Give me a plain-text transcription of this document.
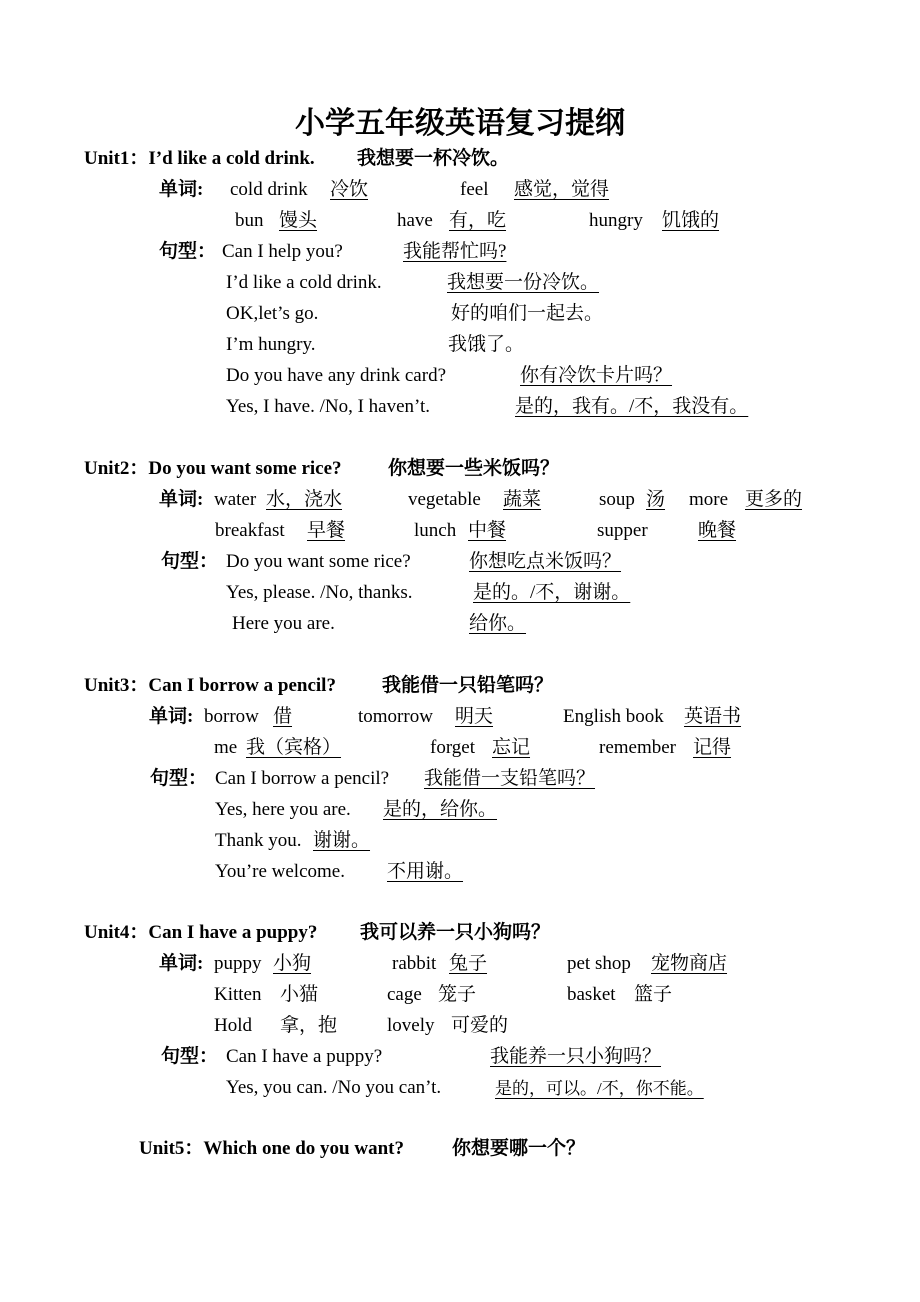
小学五年级英语复习提纲
Unit1：I’d like a cold drink. 我想要一杯冷饮。
单词: cold drink 冷饮	feel 感觉，觉得
bun 馒头	have 有，吃	hungry 饥饿的
句型： Can I help you?	我能帮忙吗?
I’d like a cold drink.	我想要一份冷饮。
OK,let’s go.	好的咱们一起去。
I’m hungry.	我饿了。
Do you have any drink card?	你有冷饮卡片吗？
Yes, I have. /No, I haven’t.	是的，我有。/不，我没有。
Unit2：Do you want some rice? 你想要一些米饭吗？
单词: water 水，浇水	vegetable 蔬菜	soup 汤 more 更多的
breakfast 早餐	lunch 中餐	supper	晚餐
句型： Do you want some rice?	你想吃点米饭吗？
Yes, please. /No, thanks.	是的。/不，谢谢。
Here you are.	给你。
Unit3：Can I borrow a pencil? 我能借一只铅笔吗？
单词: borrow 借	tomorrow 明天	English book 英语书
me 我（宾格）	forget 忘记	remember 记得
句型： Can I borrow a pencil? 我能借一支铅笔吗？
Yes, here you are. 是的，给你。
Thank you. 谢谢。
You’re welcome. 不用谢。
Unit4：Can I have a puppy? 我可以养一只小狗吗？
单词: puppy 小狗	rabbit 兔子	pet shop 宠物商店
Kitten 小猫	cage 笼子	basket 篮子
Hold 拿，抱	lovely 可爱的
句型： Can I have a puppy?	我能养一只小狗吗？
Yes, you can. /No you can’t.	是的，可以。/不，你不能。
Unit5：Which one do you want?	你想要哪一个？
